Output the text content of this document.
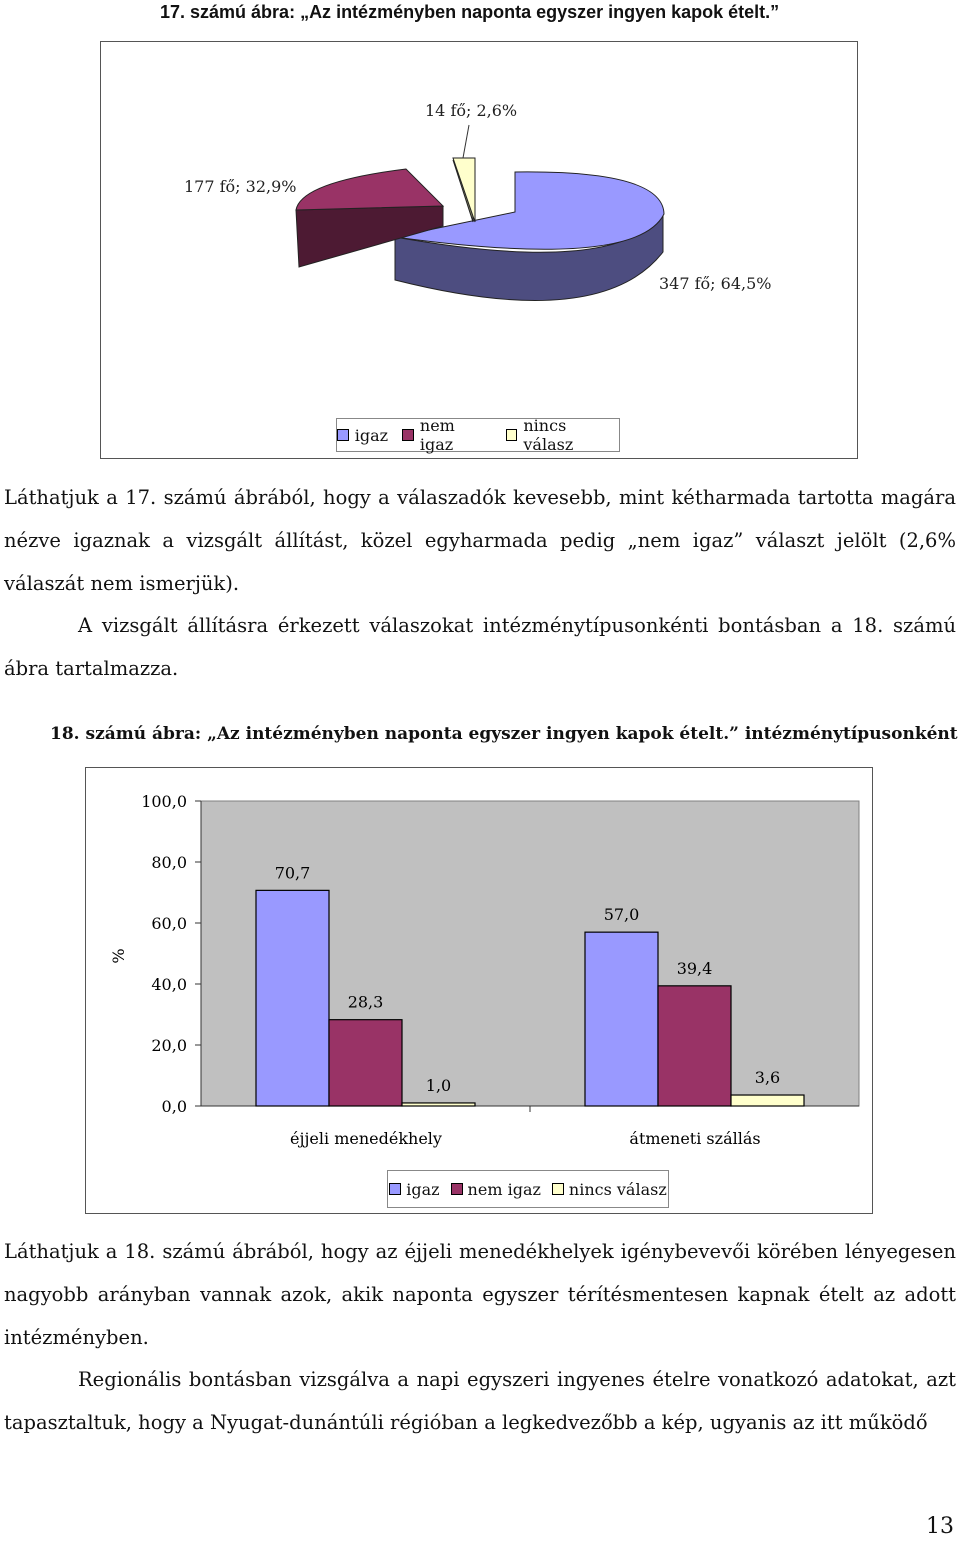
17. számú ábra: „Az intézményben naponta egyszer ingyen kapok ételt.”
347 fő; 64,5%
177 fő; 32,9%
14 fő; 2,6%
igaz nem igaz
nincs válasz

Láthatjuk a 17. számú ábrából, hogy a válaszadók kevesebb, mint kétharmada tartotta magára nézve igaznak a vizsgált állítást, közel egyharmada pedig „nem igaz” választ jelölt (2,6% válaszát nem ismerjük).

A vizsgált állításra érkezett válaszokat intézménytípusonkénti bontásban a 18. számú ábra tartalmazza.

18. számú ábra: „Az intézményben naponta egyszer ingyen kapok ételt.” intézménytípusonként
%
éjjeli menedékhely	átmeneti szállás
100,0
80,0
60,0
40,0
20,0
0,0
70,7
28,3
1,0
57,0
39,4
3,6
igaz nem igaz nincs válasz

Láthatjuk a 18. számú ábrából, hogy az éjjeli menedékhelyek igénybevevői körében lényegesen nagyobb arányban vannak azok, akik naponta egyszer térítésmentesen kapnak ételt az adott intézményben.

Regionális bontásban vizsgálva a napi egyszeri ingyenes ételre vonatkozó adatokat, azt tapasztaltuk, hogy a Nyugat-dunántúli régióban a legkedvezőbb a kép, ugyanis az itt működő

13
